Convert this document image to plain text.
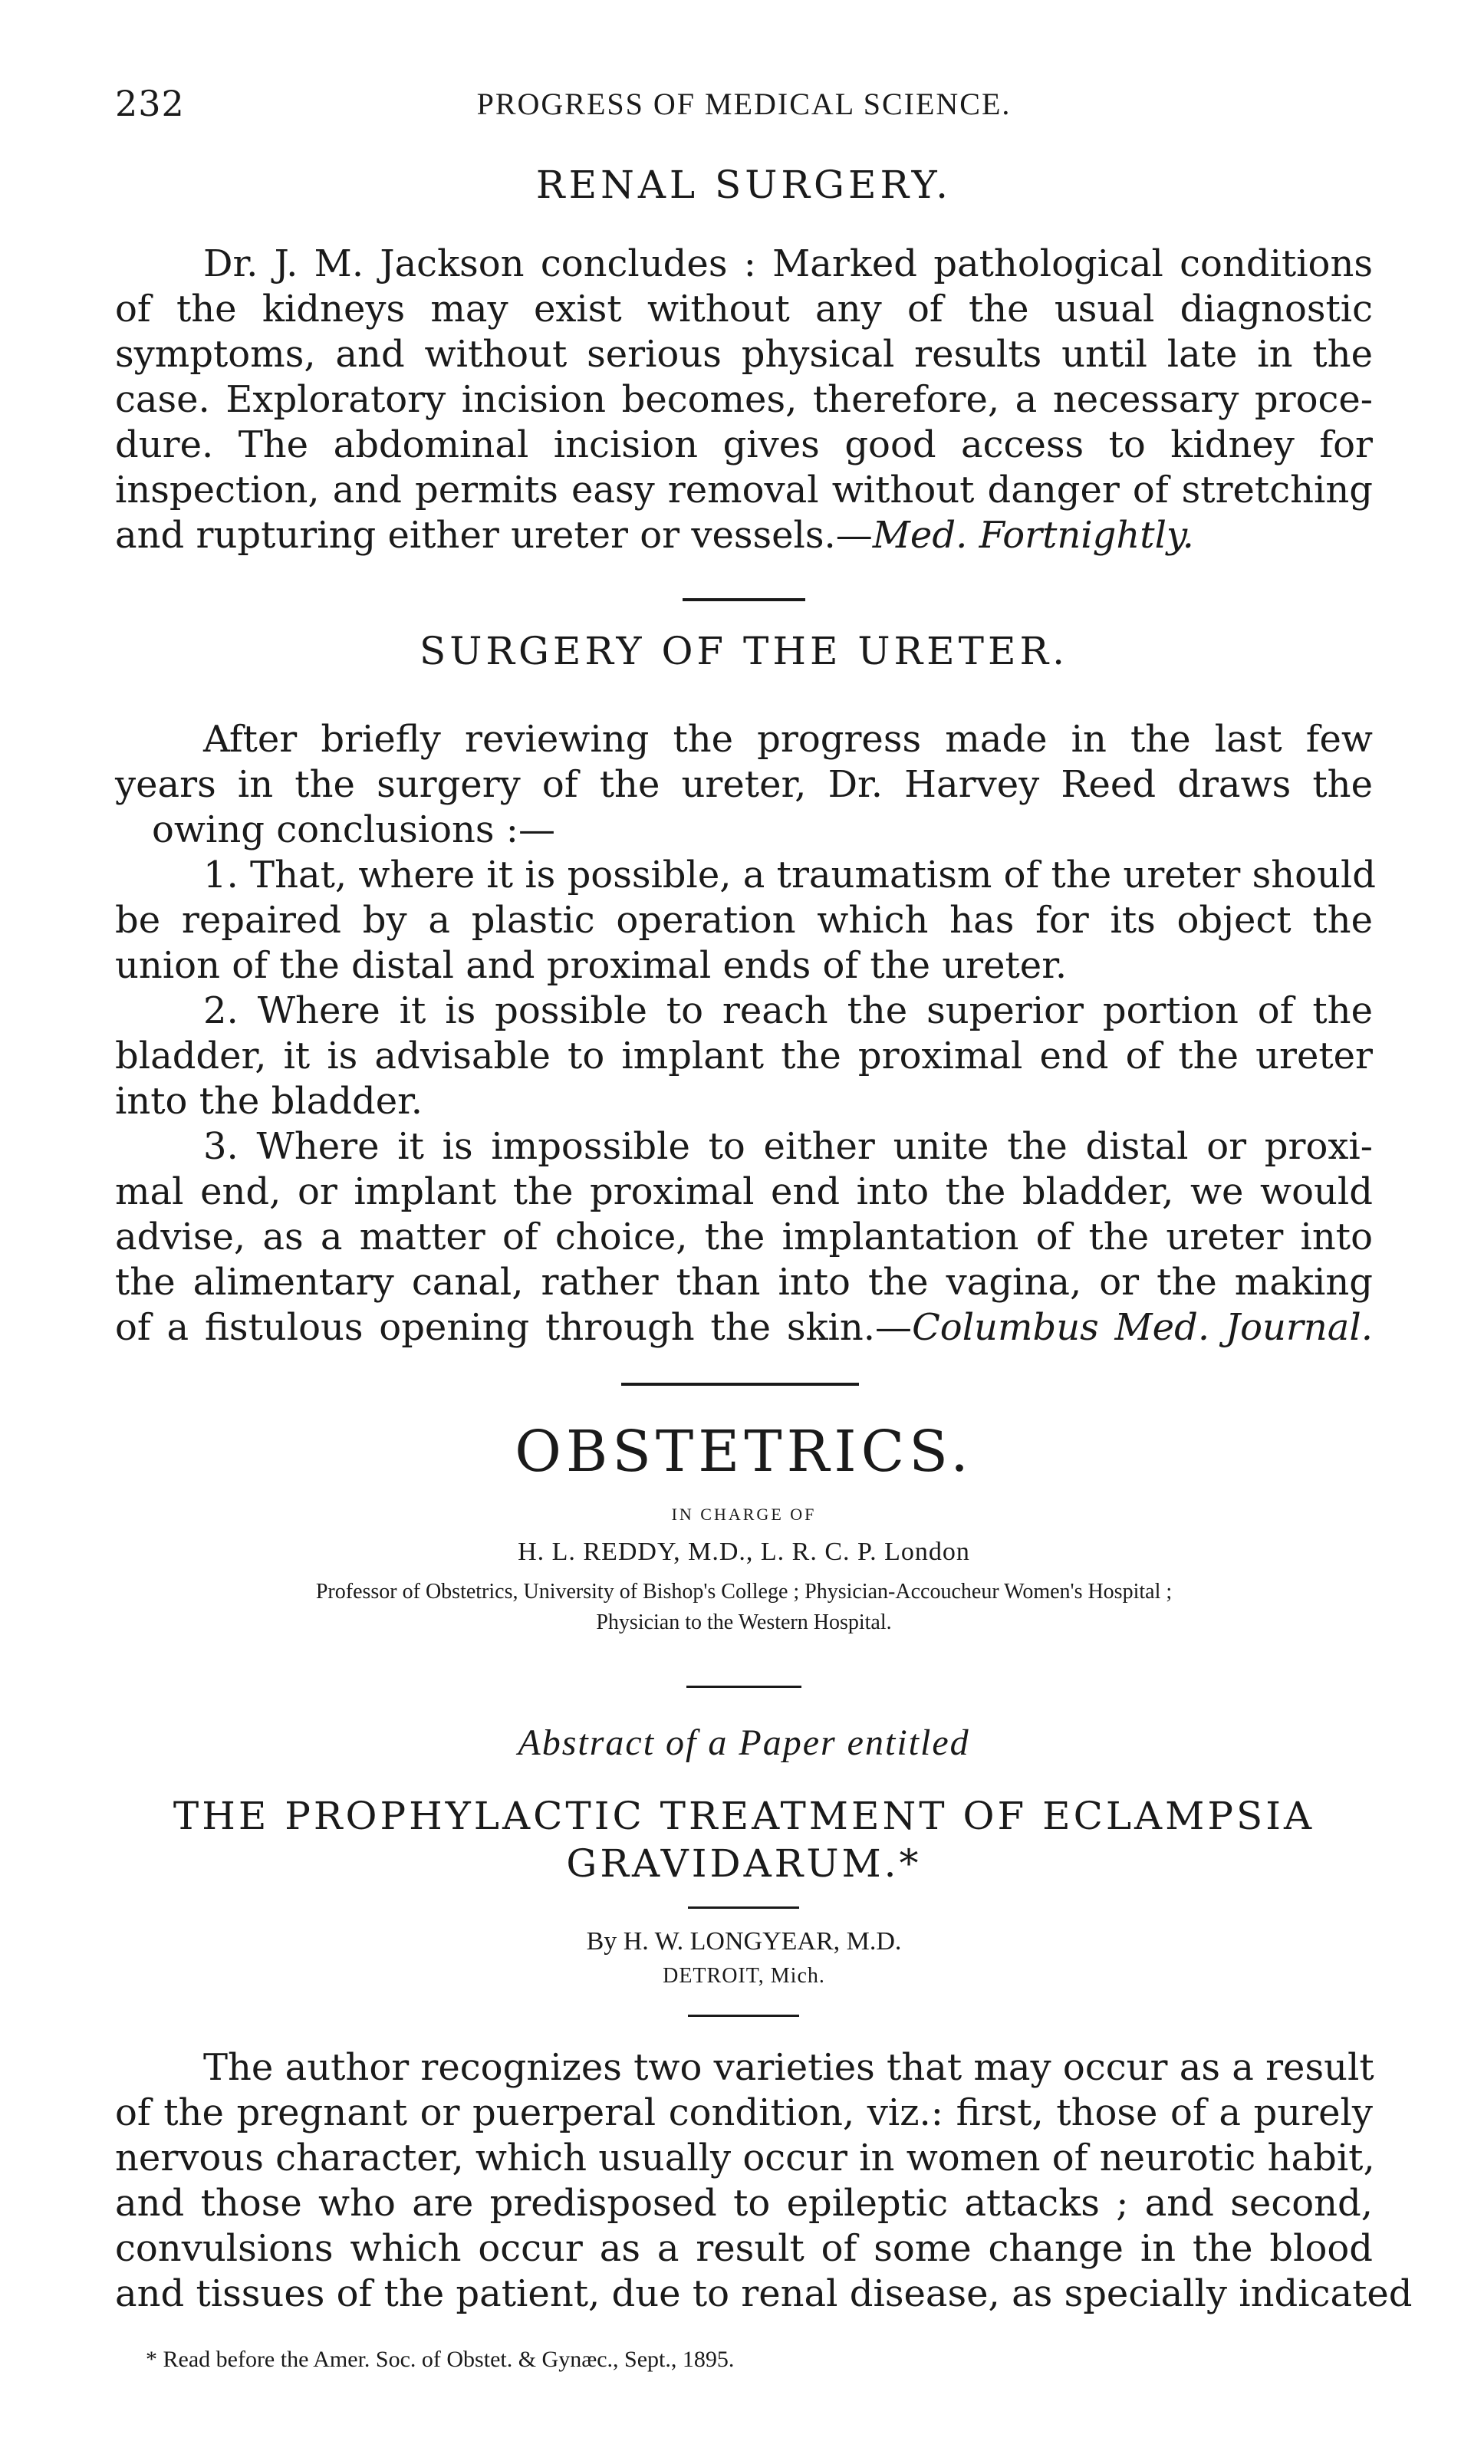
232	PROGRESS OF MEDICAL SCIENCE.
RENAL SURGERY.
Dr. J. M. Jackson concludes : Marked pathological conditions
of the kidneys may exist without any of the usual diagnostic
symptoms, and without serious physical results until late in the
case. Exploratory incision becomes, therefore, a necessary proce-
dure. The abdominal incision gives good access to kidney for
inspection, and permits easy removal without danger of stretching
and rupturing either ureter or vessels.—Med. Fortnightly.
SURGERY OF THE URETER.
After briefly reviewing the progress made in the last few
years in the surgery of the ureter, Dr. Harvey Reed draws the
owing conclusions :—
1. That, where it is possible, a traumatism of the ureter should
be repaired by a plastic operation which has for its object the
union of the distal and proximal ends of the ureter.
2. Where it is possible to reach the superior portion of the
bladder, it is advisable to implant the proximal end of the ureter
into the bladder.
3. Where it is impossible to either unite the distal or proxi-
mal end, or implant the proximal end into the bladder, we would
advise, as a matter of choice, the implantation of the ureter into
the alimentary canal, rather than into the vagina, or the making
of a fistulous opening through the skin.—Columbus Med. Journal.
OBSTETRICS.
IN CHARGE OF
H. L. REDDY, M.D., L. R. C. P. London
Professor of Obstetrics, University of Bishop's College ; Physician-Accoucheur Women's Hospital ;
Physician to the Western Hospital.
Abstract of a Paper entitled
THE PROPHYLACTIC TREATMENT OF ECLAMPSIA
GRAVIDARUM.*
By H. W. LONGYEAR, M.D.
DETROIT, Mich.
The author recognizes two varieties that may occur as a result
of the pregnant or puerperal condition, viz.: first, those of a purely
nervous character, which usually occur in women of neurotic habit,
and those who are predisposed to epileptic attacks ; and second,
convulsions which occur as a result of some change in the blood
and tissues of the patient, due to renal disease, as specially indicated
* Read before the Amer. Soc. of Obstet. & Gynæc., Sept., 1895.
